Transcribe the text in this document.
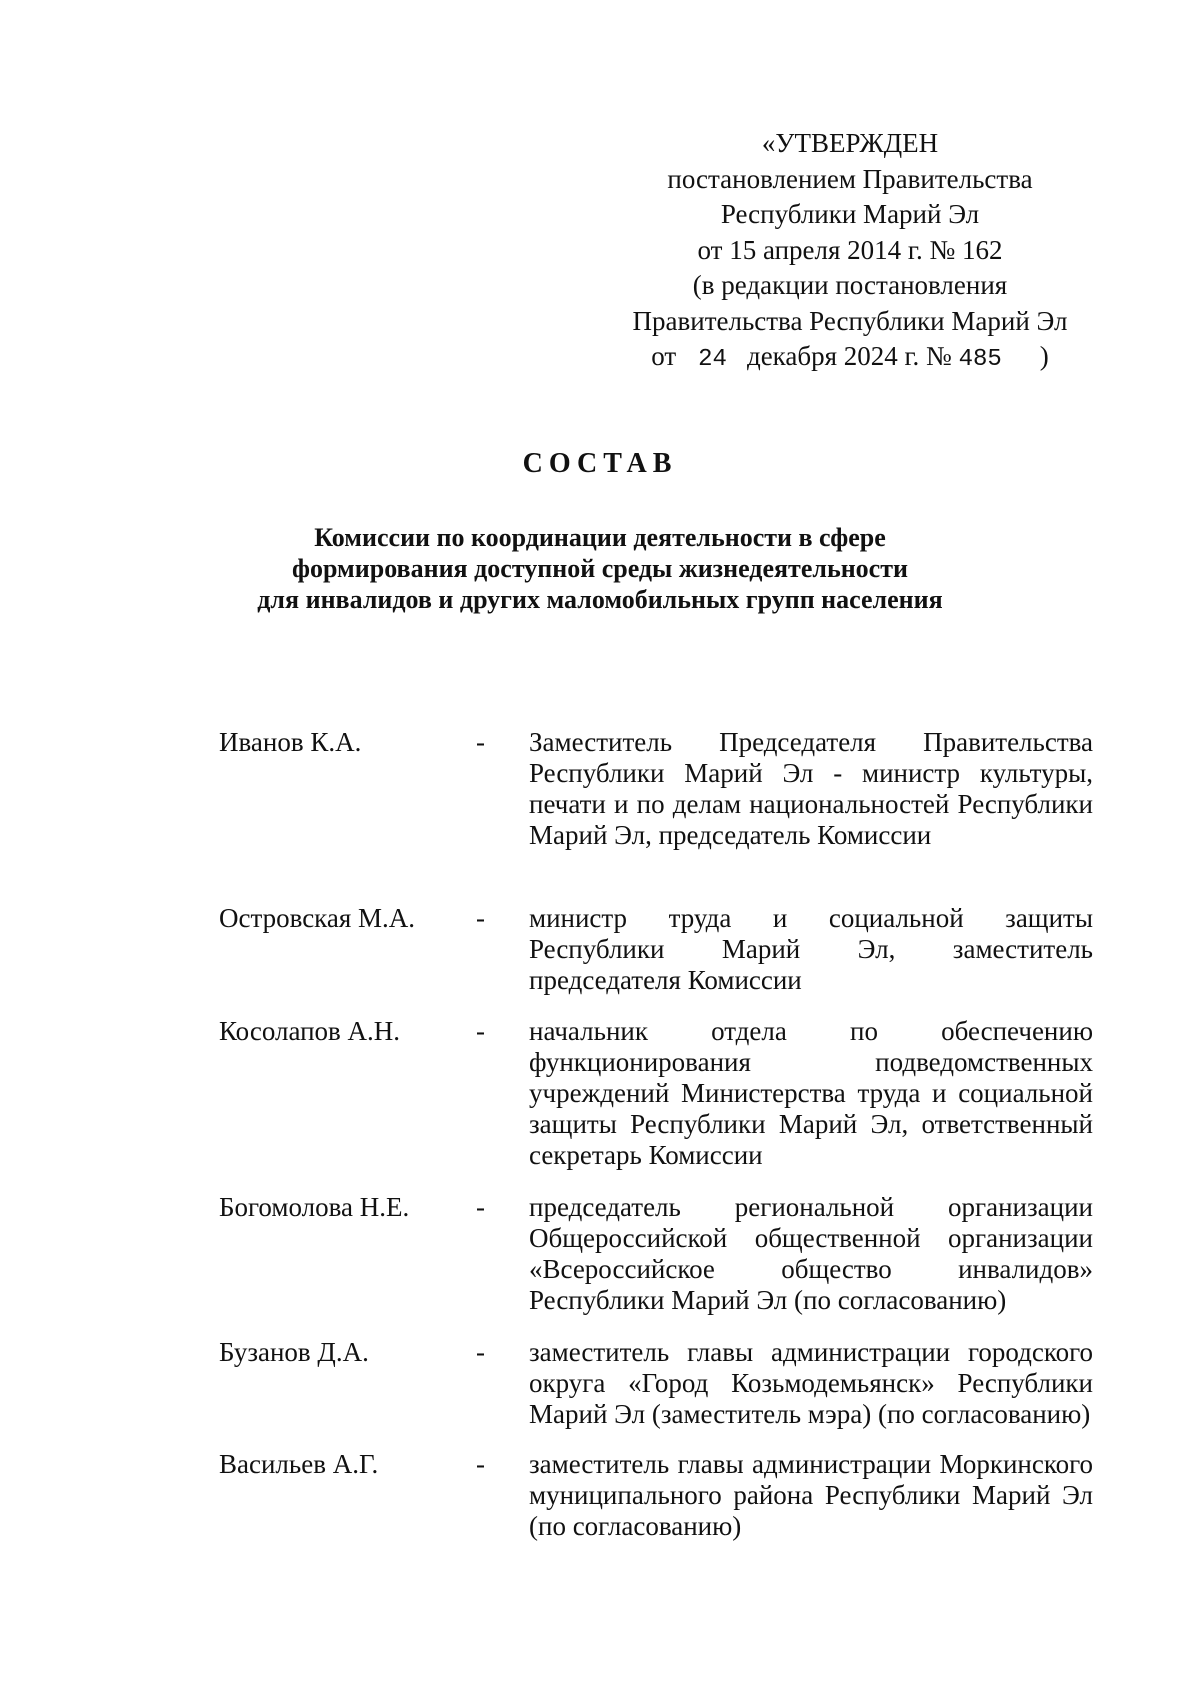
«УТВЕРЖДЕН
постановлением Правительства
Республики Марий Эл
от 15 апреля 2014 г. № 162
(в редакции постановления
Правительства Республики Марий Эл
от 24 декабря 2024 г. № 485 )
СОСТАВ
Комиссии по координации деятельности в сфере
формирования доступной среды жизнедеятельности
для инвалидов и других маломобильных групп населения
Иванов К.А.	- Заместитель Председателя Правительства Республики Марий Эл - министр культуры, печати и по делам национальностей Республики Марий Эл, председатель Комиссии
Островская М.А. - министр труда и социальной защиты Республики Марий Эл, заместитель председателя Комиссии
Косолапов А.Н.	- начальник отдела по обеспечению функционирования подведомственных учреждений Министерства труда и социальной защиты Республики Марий Эл, ответственный секретарь Комиссии
Богомолова Н.Е. - председатель региональной организации Общероссийской общественной организации «Всероссийское общество инвалидов» Республики Марий Эл (по согласованию)
Бузанов Д.А.	- заместитель главы администрации городского округа «Город Козьмодемьянск» Республики Марий Эл (заместитель мэра) (по согласованию)
Васильев А.Г.	- заместитель главы администрации Моркинского муниципального района Республики Марий Эл (по согласованию)
